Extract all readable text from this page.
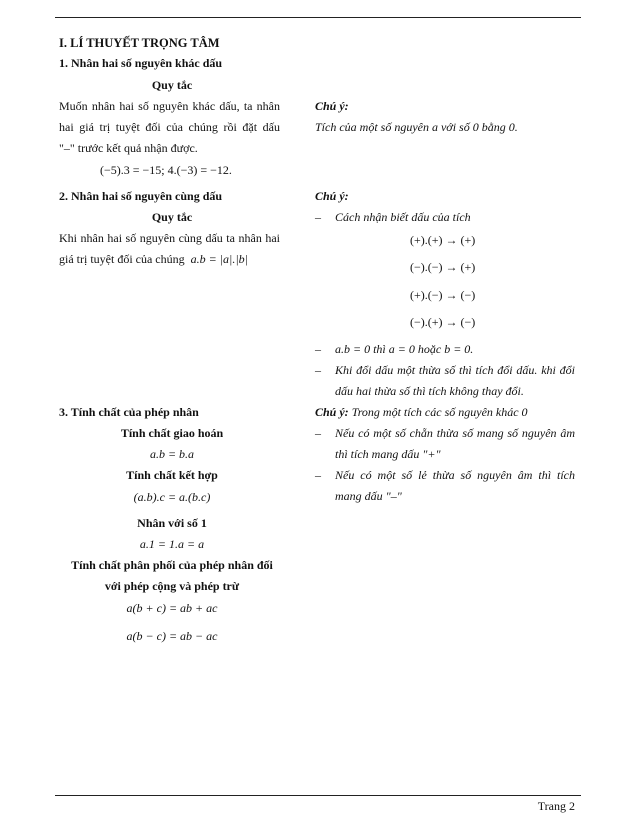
I. LÍ THUYẾT TRỌNG TÂM
1. Nhân hai số nguyên khác dấu
Quy tắc
Muốn nhân hai số nguyên khác dấu, ta nhân
hai giá trị tuyệt đối của chúng rồi đặt dấu
"–" trước kết quả nhận được.
(−5).3 = −15; 4.(−3) = −12.
Chú ý:
Tích của một số nguyên a với số 0 bằng 0.
2. Nhân hai số nguyên cùng dấu
Quy tắc
Khi nhân hai số nguyên cùng dấu ta nhân hai
giá trị tuyệt đối của chúng a.b = |a|.|b|
Chú ý:
– Cách nhận biết dấu của tích
(+).(+) → (+)
(−).(−) → (+)
(+).(−) → (−)
(−).(+) → (−)
– a.b = 0 thì a = 0 hoặc b = 0.
– Khi đổi dấu một thừa số thì tích đổi dấu. khi đổi
dấu hai thừa số thì tích không thay đổi.
3. Tính chất của phép nhân
Tính chất giao hoán
a.b = b.a
Tính chất kết hợp
(a.b).c = a.(b.c)
Nhân với số 1
a.1 = 1.a = a
Tính chất phân phối của phép nhân đối
với phép cộng và phép trừ
a(b + c) = ab + ac
a(b − c) = ab − ac
Chú ý: Trong một tích các số nguyên khác 0
– Nếu có một số chẵn thừa số mang số nguyên âm
thì tích mang dấu "+"
– Nếu có một số lẻ thừa số nguyên âm thì tích
mang dấu "–"
Trang 2
